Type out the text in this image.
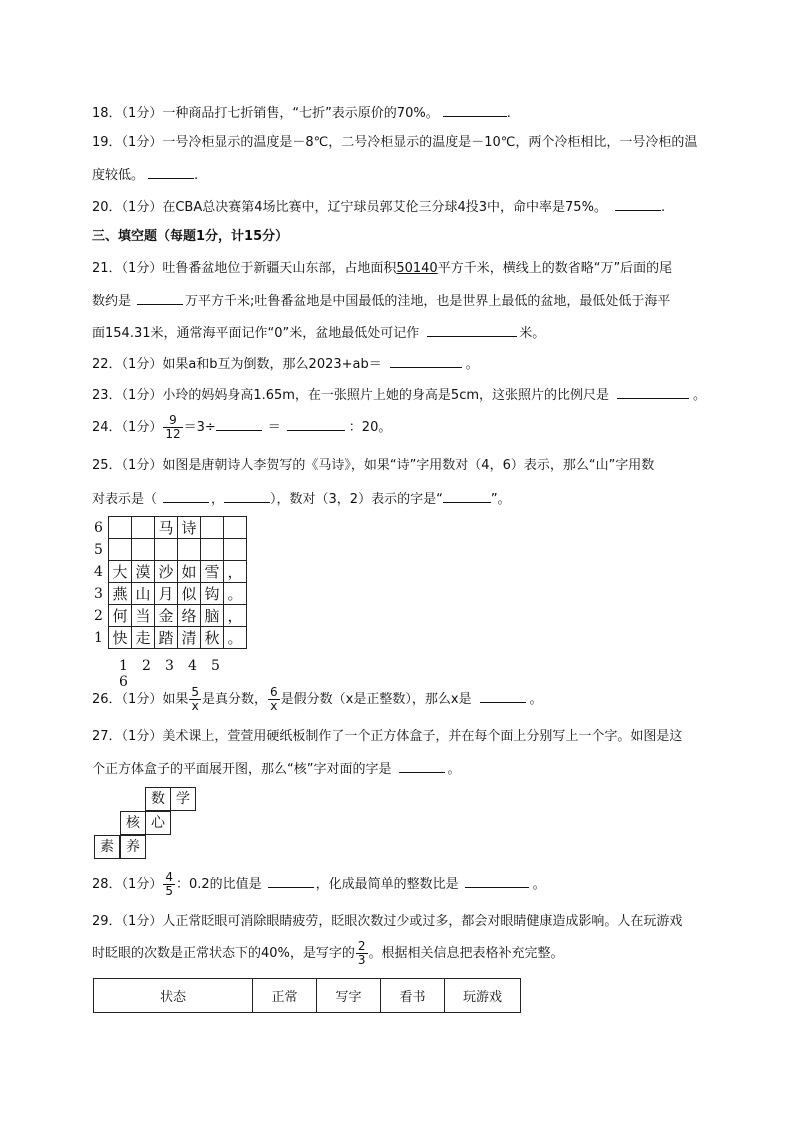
18．（1分）一种商品打七折销售，“七折”表示原价的70%。	.
19．（1分）一号冷柜显示的温度是－8℃，二号冷柜显示的温度是－10℃，两个冷柜相比，一号冷柜的温
度较低。	.
20．（1分）在CBA总决赛第4场比赛中，辽宁球员郭艾伦三分球4投3中，命中率是75%。	.
三、填空题（每题1分，计15分）
21．（1分）吐鲁番盆地位于新疆天山东部，占地面积50140平方千米，横线上的数省略“万”后面的尾
数约是	万平方千米;吐鲁番盆地是中国最低的洼地，也是世界上最低的盆地，最低处低于海平
面154.31米，通常海平面记作“0”米，盆地最低处可记作	米。
22．（1分）如果a和b互为倒数，那么2023+ab＝	。
23．（1分）小玲的妈妈身高1.65m，在一张照片上她的身高是5cm，这张照片的比例尺是	。
24．（1分） $\frac{9}{12} =3\div$	＝	：20。
25．（1分）如图是唐朝诗人李贺写的《马诗》，如果“诗”字用数对（4，6）表示，那么“山”字用数
对表示是（	，	），数对（3，2）表示的字是“	”。
6			马	诗		
5						
4	大	漠	沙	如	雪	，
3	燕	山	月	似	钩	。
2	何	当	金	络	脑	，
1	快	走	踏	清	秋	。
1 2 3 4 56
26．（1分）如果 $\frac{5}{x}$ 是真分数， $\frac{6}{x}$ 是假分数（x是正整数），那么x是	。
27．（1分）美术课上，萱萱用硬纸板制作了一个正方体盒子，并在每个面上分别写上一个字。如图是这
个正方体盒子的平面展开图，那么“核”字对面的字是	。
数 学
核 心
素 养
28．（1分） $\frac{4}{5}$ ：0.2的比值是	，化成最简单的整数比是	。
29．（1分）人正常眨眼可消除眼睛疲劳，眨眼次数过少或过多，都会对眼睛健康造成影响。人在玩游戏
时眨眼的次数是正常状态下的40%，是写字的 $\frac{2}{3}$ 。根据相关信息把表格补充完整。
状态	正常	写字	看书	玩游戏
